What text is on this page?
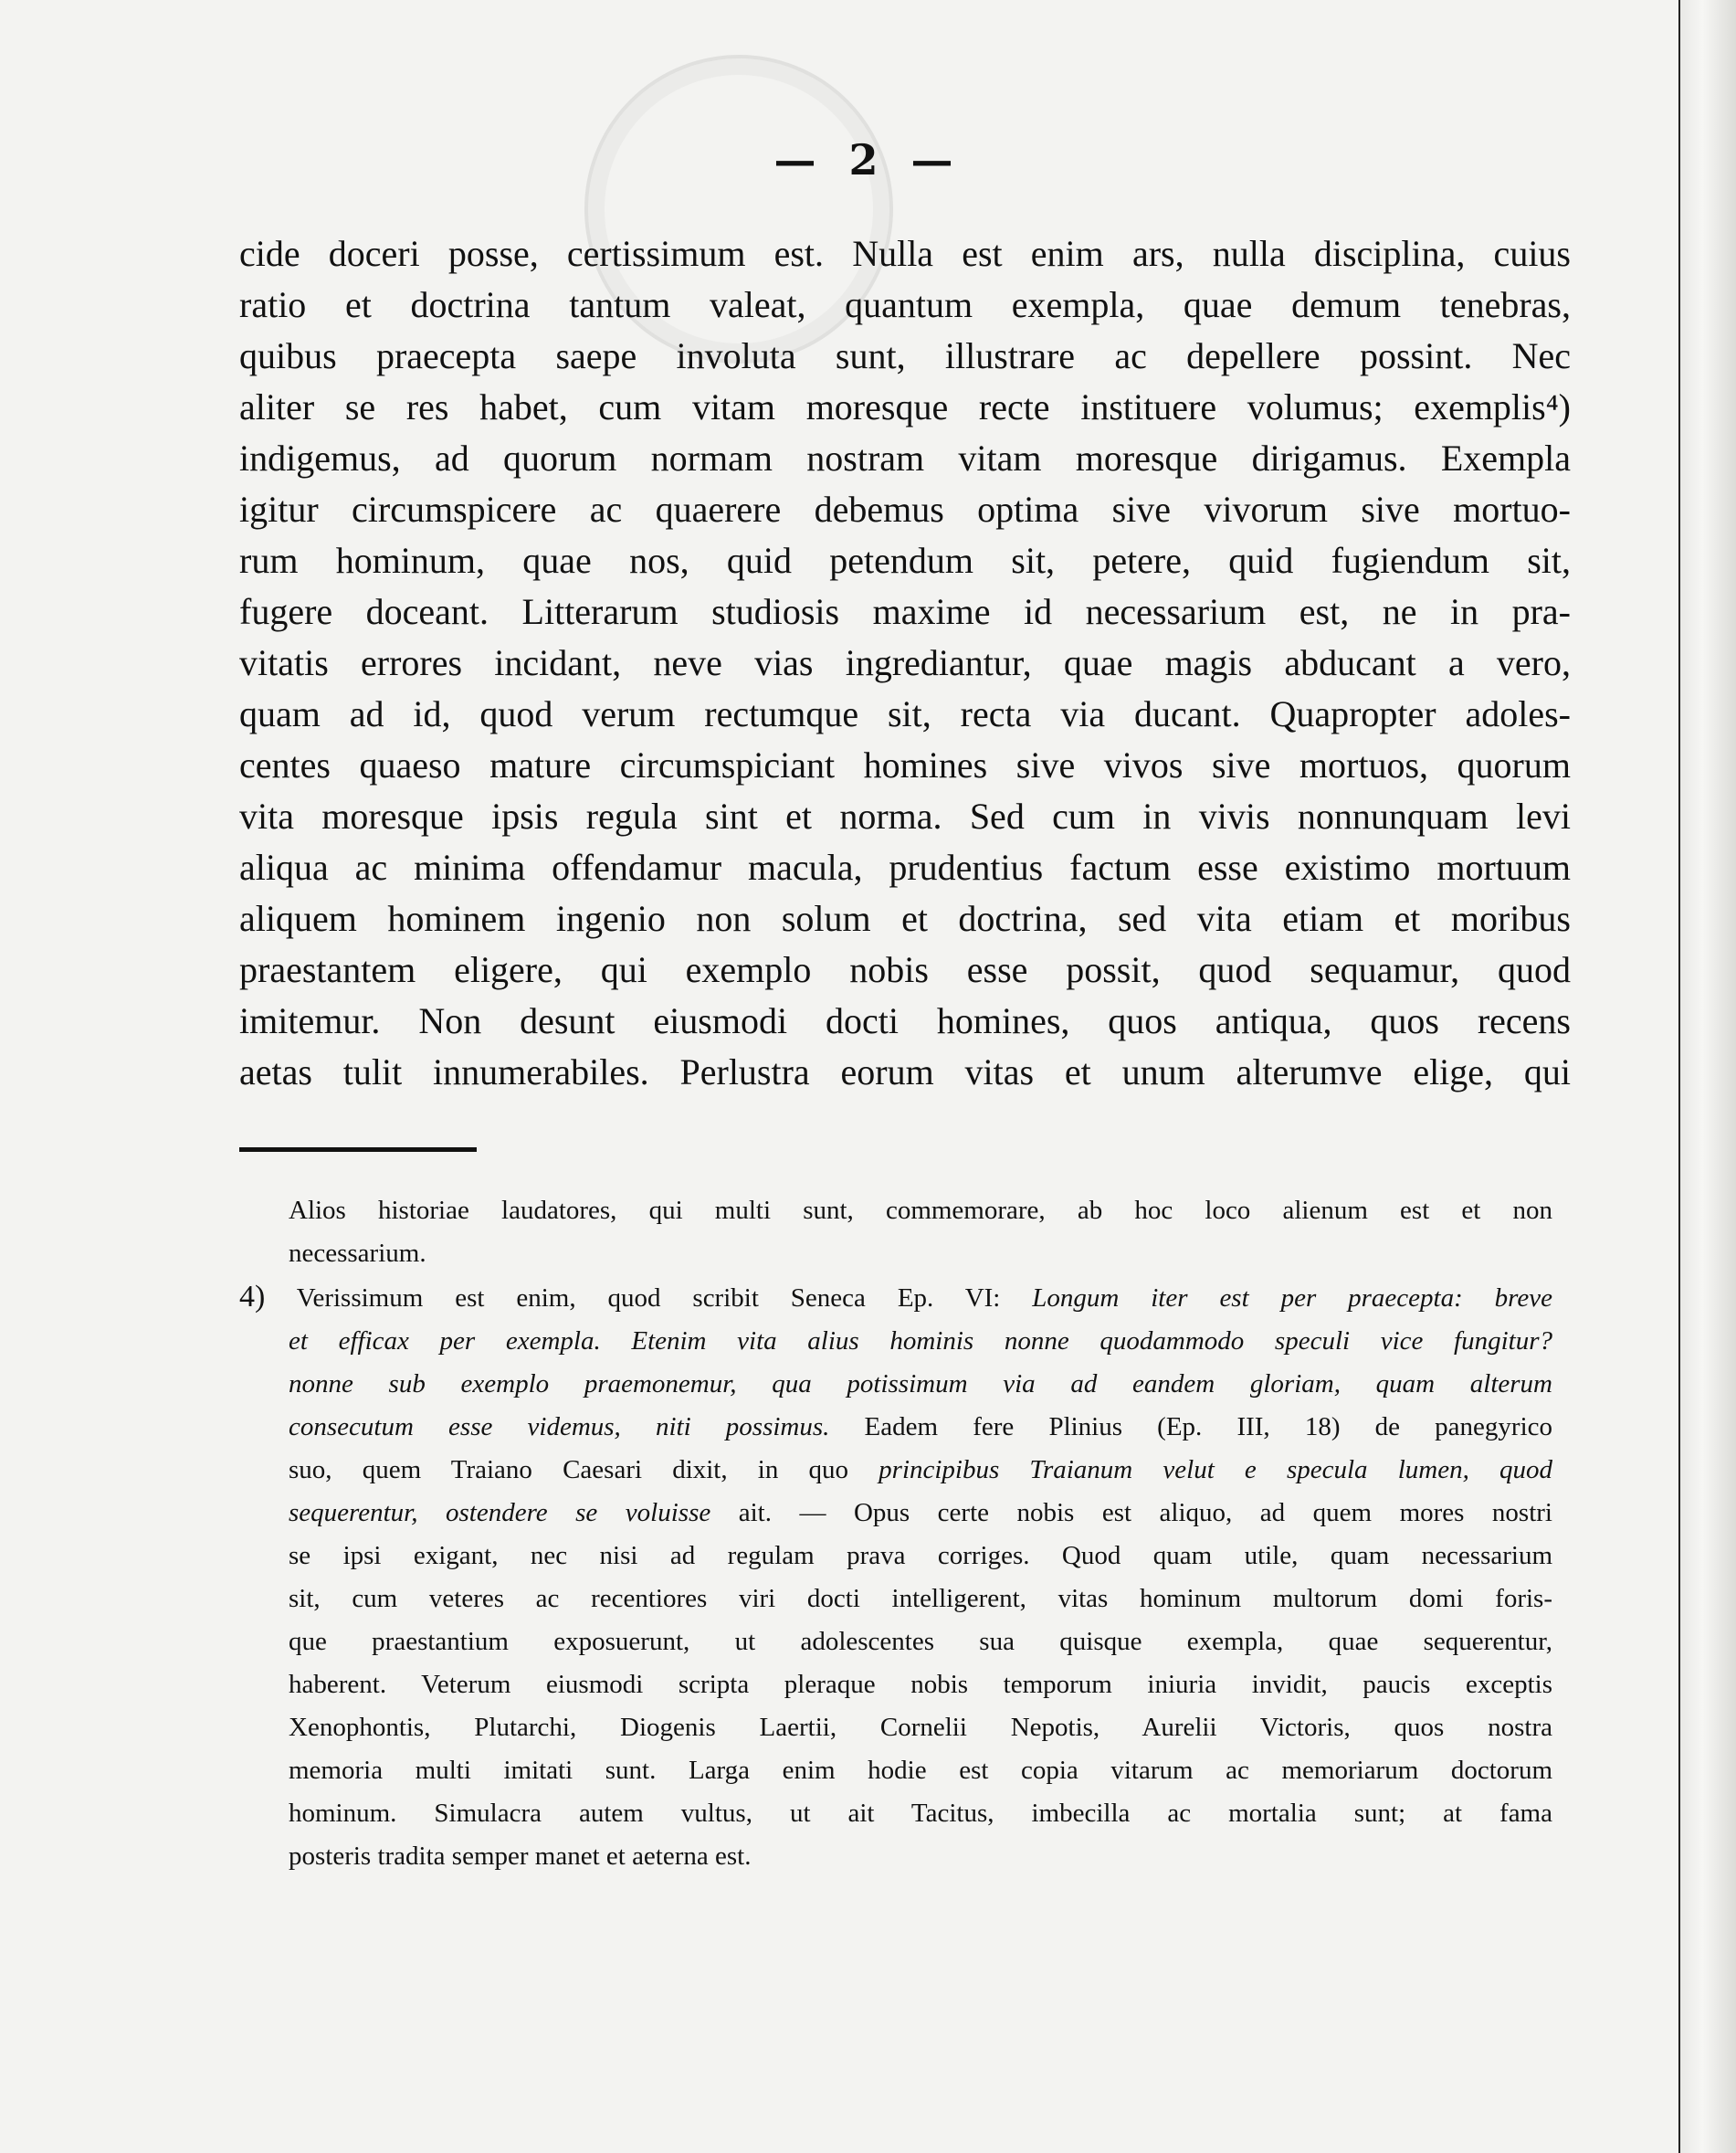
— 2 —
cide doceri posse, certissimum est. Nulla est enim ars, nulla disciplina, cuius
ratio et doctrina tantum valeat, quantum exempla, quae demum tenebras,
quibus praecepta saepe involuta sunt, illustrare ac depellere possint. Nec
aliter se res habet, cum vitam moresque recte instituere volumus; exemplis⁴)
indigemus, ad quorum normam nostram vitam moresque dirigamus. Exempla
igitur circumspicere ac quaerere debemus optima sive vivorum sive mortuo-
rum hominum, quae nos, quid petendum sit, petere, quid fugiendum sit,
fugere doceant. Litterarum studiosis maxime id necessarium est, ne in pra-
vitatis errores incidant, neve vias ingrediantur, quae magis abducant a vero,
quam ad id, quod verum rectumque sit, recta via ducant. Quapropter adoles-
centes quaeso mature circumspiciant homines sive vivos sive mortuos, quorum
vita moresque ipsis regula sint et norma. Sed cum in vivis nonnunquam levi
aliqua ac minima offendamur macula, prudentius factum esse existimo mortuum
aliquem hominem ingenio non solum et doctrina, sed vita etiam et moribus
praestantem eligere, qui exemplo nobis esse possit, quod sequamur, quod
imitemur. Non desunt eiusmodi docti homines, quos antiqua, quos recens
aetas tulit innumerabiles. Perlustra eorum vitas et unum alterumve elige, qui
Alios historiae laudatores, qui multi sunt, commemorare, ab hoc loco alienum est et non
necessarium.
4) Verissimum est enim, quod scribit Seneca Ep. VI: Longum iter est per praecepta: breve
et efficax per exempla. Etenim vita alius hominis nonne quodammodo speculi vice fungitur?
nonne sub exemplo praemonemur, qua potissimum via ad eandem gloriam, quam alterum
consecutum esse videmus, niti possimus. Eadem fere Plinius (Ep. III, 18) de panegyrico
suo, quem Traiano Caesari dixit, in quo principibus Traianum velut e specula lumen, quod
sequerentur, ostendere se voluisse ait. — Opus certe nobis est aliquo, ad quem mores nostri
se ipsi exigant, nec nisi ad regulam prava corriges. Quod quam utile, quam necessarium
sit, cum veteres ac recentiores viri docti intelligerent, vitas hominum multorum domi foris-
que praestantium exposuerunt, ut adolescentes sua quisque exempla, quae sequerentur,
haberent. Veterum eiusmodi scripta pleraque nobis temporum iniuria invidit, paucis exceptis
Xenophontis, Plutarchi, Diogenis Laertii, Cornelii Nepotis, Aurelii Victoris, quos nostra
memoria multi imitati sunt. Larga enim hodie est copia vitarum ac memoriarum doctorum
hominum. Simulacra autem vultus, ut ait Tacitus, imbecilla ac mortalia sunt; at fama
posteris tradita semper manet et aeterna est.
